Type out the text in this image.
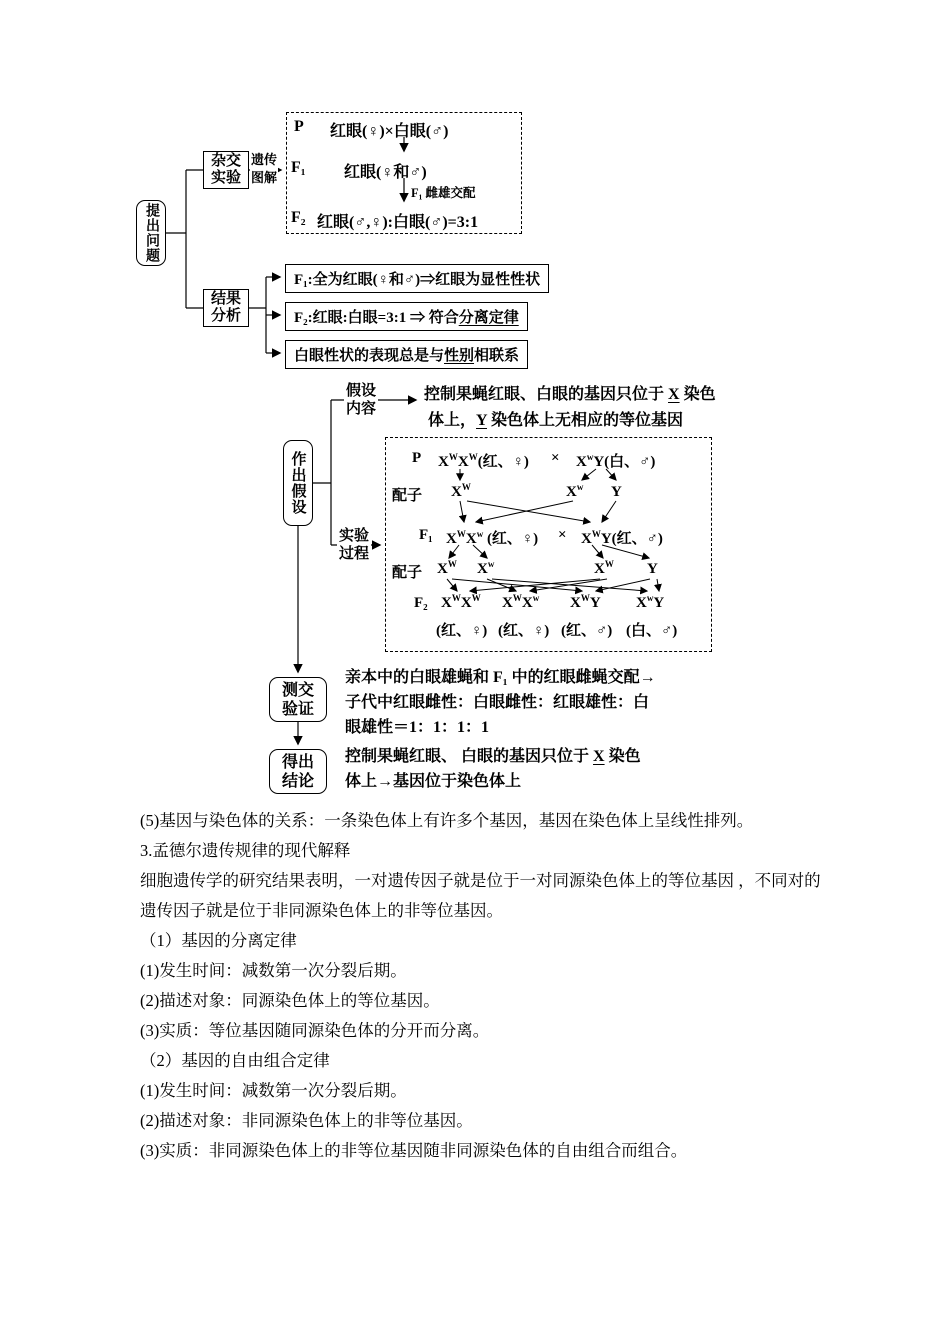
提出问题
杂交实验
遗传图解
P 红眼(♀)×白眼(♂)
F₁ 红眼(♀和♂)
F₁ 雌雄交配
F₂ 红眼(♂,♀):白眼(♂)=3:1
结果分析
F₁:全为红眼(♀和♂)⇒红眼为显性性状
F₂:红眼:白眼=3:1 ⇒ 符合分离定律
白眼性状的表现总是与性别相联系
假设内容
控制果蝇红眼、白眼的基因只位于 X 染色
体上，Y 染色体上无相应的等位基因
作出假设
实验过程
P $X^WX^W$(红、♀) × $X^wY$(白、♂)
配子 $X^W$	$X^w$ Y
F₁ $X^WX^w$ (红、♀) × $X^WY$(红、♂)
配子 $X^W$ $X^w$	$X^W$ Y
F₂ $X^WX^W$ $X^WX^w$ $X^WY$ $X^wY$
(红、♀) (红、♀) (红、♂) (白、♂)
测交验证
亲本中的白眼雄蝇和 F₁ 中的红眼雌蝇交配→
子代中红眼雌性：白眼雌性：红眼雄性：白
眼雄性＝1：1：1：1
得出结论
控制果蝇红眼、 白眼的基因只位于 X 染色
体上→基因位于染色体上

(5)基因与染色体的关系：一条染色体上有许多个基因，基因在染色体上呈线性排列。

3.孟德尔遗传规律的现代解释

细胞遗传学的研究结果表明，一对遗传因子就是位于一对同源染色体上的等位基因 ，不同对的遗传因子就是位于非同源染色体上的非等位基因。

（1）基因的分离定律

(1)发生时间：减数第一次分裂后期。

(2)描述对象：同源染色体上的等位基因。

(3)实质：等位基因随同源染色体的分开而分离。

（2）基因的自由组合定律

(1)发生时间：减数第一次分裂后期。

(2)描述对象：非同源染色体上的非等位基因。

(3)实质：非同源染色体上的非等位基因随非同源染色体的自由组合而组合。
